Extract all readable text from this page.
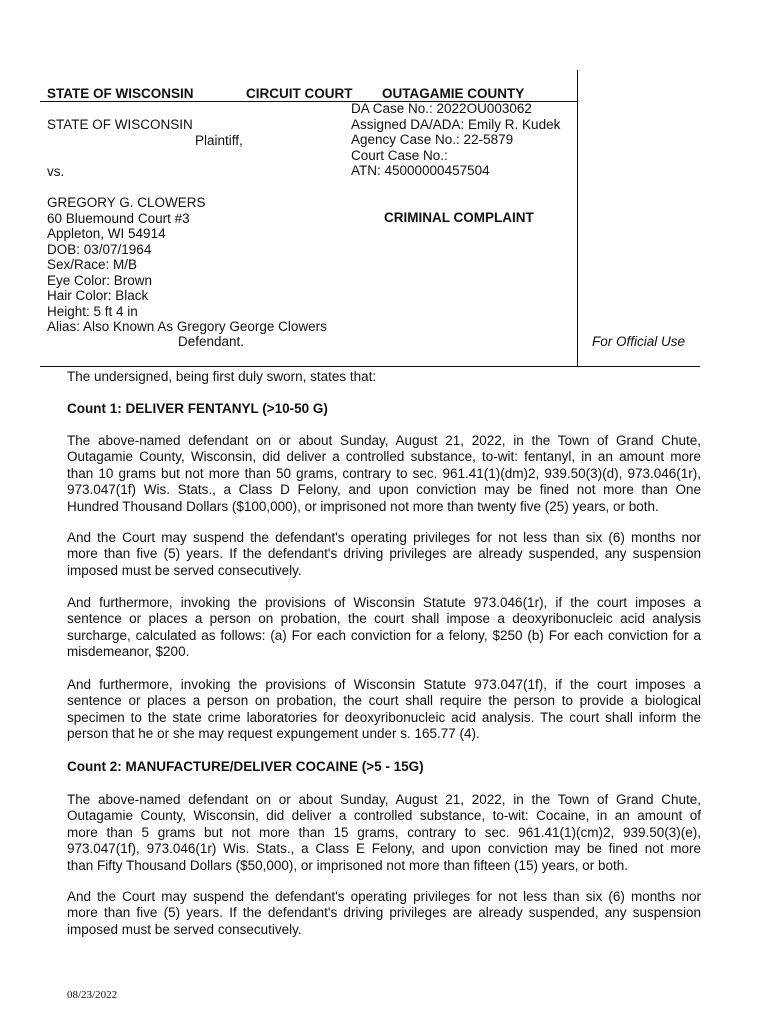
STATE OF WISCONSIN	CIRCUIT COURT OUTAGAMIE COUNTY
STATE OF WISCONSIN
Plaintiff,
vs.
DA Case No.: 2022OU003062
Assigned DA/ADA: Emily R. Kudek
Agency Case No.: 22-5879
Court Case No.:
ATN: 45000000457504
GREGORY G. CLOWERS
60 Bluemound Court #3
Appleton, WI 54914
DOB: 03/07/1964
Sex/Race: M/B
Eye Color: Brown
Hair Color: Black
Height: 5 ft 4 in
Alias: Also Known As Gregory George Clowers
Defendant.
CRIMINAL COMPLAINT
For Official Use
The undersigned, being first duly sworn, states that:
Count 1: DELIVER FENTANYL (>10-50 G)
The above-named defendant on or about Sunday, August 21, 2022, in the Town of Grand Chute,
Outagamie County, Wisconsin, did deliver a controlled substance, to-wit: fentanyl, in an amount more
than 10 grams but not more than 50 grams, contrary to sec. 961.41(1)(dm)2, 939.50(3)(d), 973.046(1r),
973.047(1f) Wis. Stats., a Class D Felony, and upon conviction may be fined not more than One
Hundred Thousand Dollars ($100,000), or imprisoned not more than twenty five (25) years, or both.
And the Court may suspend the defendant's operating privileges for not less than six (6) months nor
more than five (5) years. If the defendant's driving privileges are already suspended, any suspension
imposed must be served consecutively.
And furthermore, invoking the provisions of Wisconsin Statute 973.046(1r), if the court imposes a
sentence or places a person on probation, the court shall impose a deoxyribonucleic acid analysis
surcharge, calculated as follows: (a) For each conviction for a felony, $250 (b) For each conviction for a
misdemeanor, $200.
And furthermore, invoking the provisions of Wisconsin Statute 973.047(1f), if the court imposes a
sentence or places a person on probation, the court shall require the person to provide a biological
specimen to the state crime laboratories for deoxyribonucleic acid analysis. The court shall inform the
person that he or she may request expungement under s. 165.77 (4).
Count 2: MANUFACTURE/DELIVER COCAINE (>5 - 15G)
The above-named defendant on or about Sunday, August 21, 2022, in the Town of Grand Chute,
Outagamie County, Wisconsin, did deliver a controlled substance, to-wit: Cocaine, in an amount of
more than 5 grams but not more than 15 grams, contrary to sec. 961.41(1)(cm)2, 939.50(3)(e),
973.047(1f), 973.046(1r) Wis. Stats., a Class E Felony, and upon conviction may be fined not more
than Fifty Thousand Dollars ($50,000), or imprisoned not more than fifteen (15) years, or both.
And the Court may suspend the defendant's operating privileges for not less than six (6) months nor
more than five (5) years. If the defendant's driving privileges are already suspended, any suspension
imposed must be served consecutively.
08/23/2022
